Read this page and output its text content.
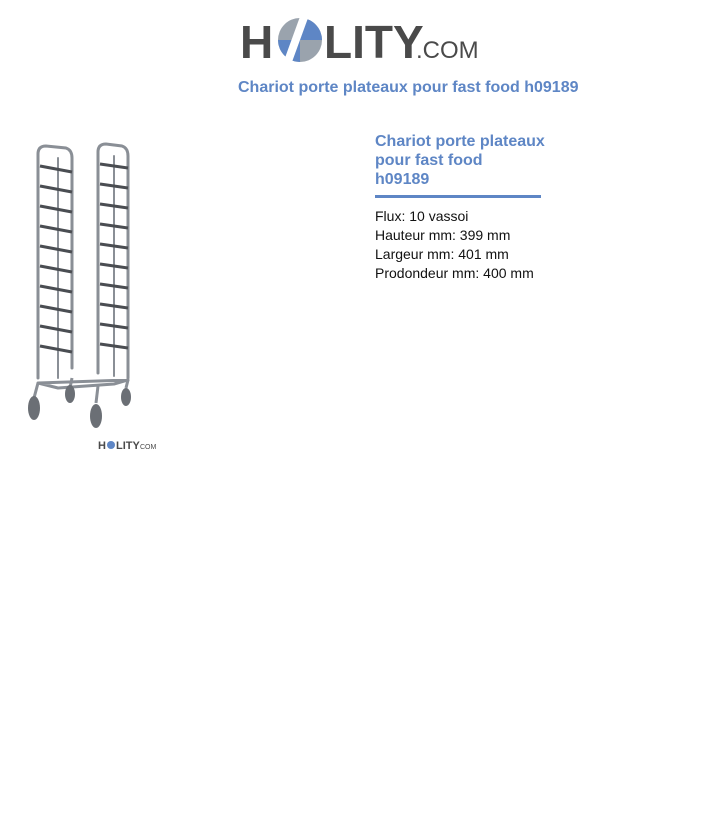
H LITY
.COM
Chariot porte plateaux pour fast food h09189
H LITY COM
Chariot porte plateaux
pour fast food
h09189
Flux: 10 vassoi
Hauteur mm: 399 mm
Largeur mm: 401 mm
Prodondeur mm: 400 mm
